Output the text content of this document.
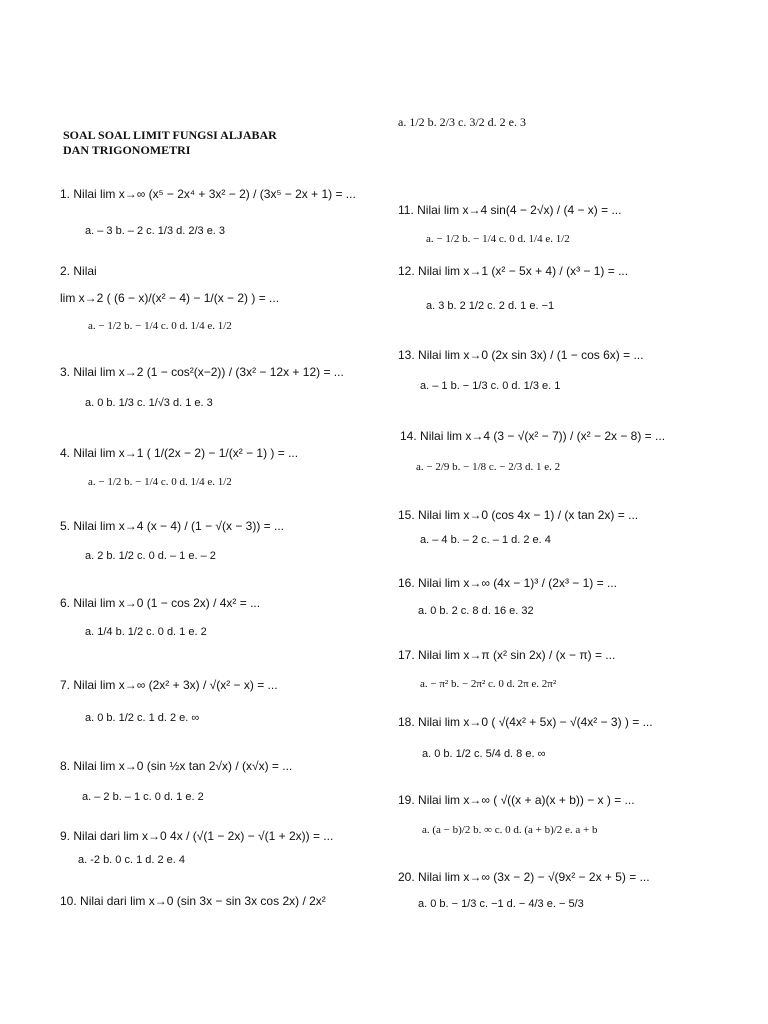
SOAL SOAL LIMIT FUNGSI ALJABAR
DAN TRIGONOMETRI
1. Nilai lim x→∞ (x⁵ − 2x⁴ + 3x² − 2) / (3x⁵ − 2x + 1) = ...
a. – 3 b. – 2 c. 1/3 d. 2/3 e. 3
2. Nilai
lim x→2 ( (6 − x)/(x² − 4) − 1/(x − 2) ) = ...
a. − 1/2 b. − 1/4 c. 0 d. 1/4 e. 1/2
3. Nilai lim x→2 (1 − cos²(x−2)) / (3x² − 12x + 12) = ...
a. 0 b. 1/3 c. 1/√3 d. 1 e. 3
4. Nilai lim x→1 ( 1/(2x − 2) − 1/(x² − 1) ) = ...
a. − 1/2 b. − 1/4 c. 0 d. 1/4 e. 1/2
5. Nilai lim x→4 (x − 4) / (1 − √(x − 3)) = ...
a. 2 b. 1/2 c. 0 d. – 1 e. – 2
6. Nilai lim x→0 (1 − cos 2x) / 4x² = ...
a. 1/4 b. 1/2 c. 0 d. 1 e. 2
7. Nilai lim x→∞ (2x² + 3x) / √(x² − x) = ...
a. 0 b. 1/2 c. 1 d. 2 e. ∞
8. Nilai lim x→0 (sin ½x tan 2√x) / (x√x) = ...
a. – 2 b. – 1 c. 0 d. 1 e. 2
9. Nilai dari lim x→0 4x / (√(1 − 2x) − √(1 + 2x)) = ...
a. -2 b. 0 c. 1 d. 2 e. 4
10. Nilai dari lim x→0 (sin 3x − sin 3x cos 2x) / 2x²
a. 1/2 b. 2/3 c. 3/2 d. 2 e. 3
11. Nilai lim x→4 sin(4 − 2√x) / (4 − x) = ...
a. − 1/2 b. − 1/4 c. 0 d. 1/4 e. 1/2
12. Nilai lim x→1 (x² − 5x + 4) / (x³ − 1) = ...
a. 3 b. 2 1/2 c. 2 d. 1 e. −1
13. Nilai lim x→0 (2x sin 3x) / (1 − cos 6x) = ...
a. – 1 b. − 1/3 c. 0 d. 1/3 e. 1
14. Nilai lim x→4 (3 − √(x² − 7)) / (x² − 2x − 8) = ...
a. − 2/9 b. − 1/8 c. − 2/3 d. 1 e. 2
15. Nilai lim x→0 (cos 4x − 1) / (x tan 2x) = ...
a. – 4 b. – 2 c. – 1 d. 2 e. 4
16. Nilai lim x→∞ (4x − 1)³ / (2x³ − 1) = ...
a. 0 b. 2 c. 8 d. 16 e. 32
17. Nilai lim x→π (x² sin 2x) / (x − π) = ...
a. − π² b. − 2π² c. 0 d. 2π e. 2π²
18. Nilai lim x→0 ( √(4x² + 5x) − √(4x² − 3) ) = ...
a. 0 b. 1/2 c. 5/4 d. 8 e. ∞
19. Nilai lim x→∞ ( √((x + a)(x + b)) − x ) = ...
a. (a − b)/2 b. ∞ c. 0 d. (a + b)/2 e. a + b
20. Nilai lim x→∞ (3x − 2) − √(9x² − 2x + 5) = ...
a. 0 b. − 1/3 c. −1 d. − 4/3 e. − 5/3
